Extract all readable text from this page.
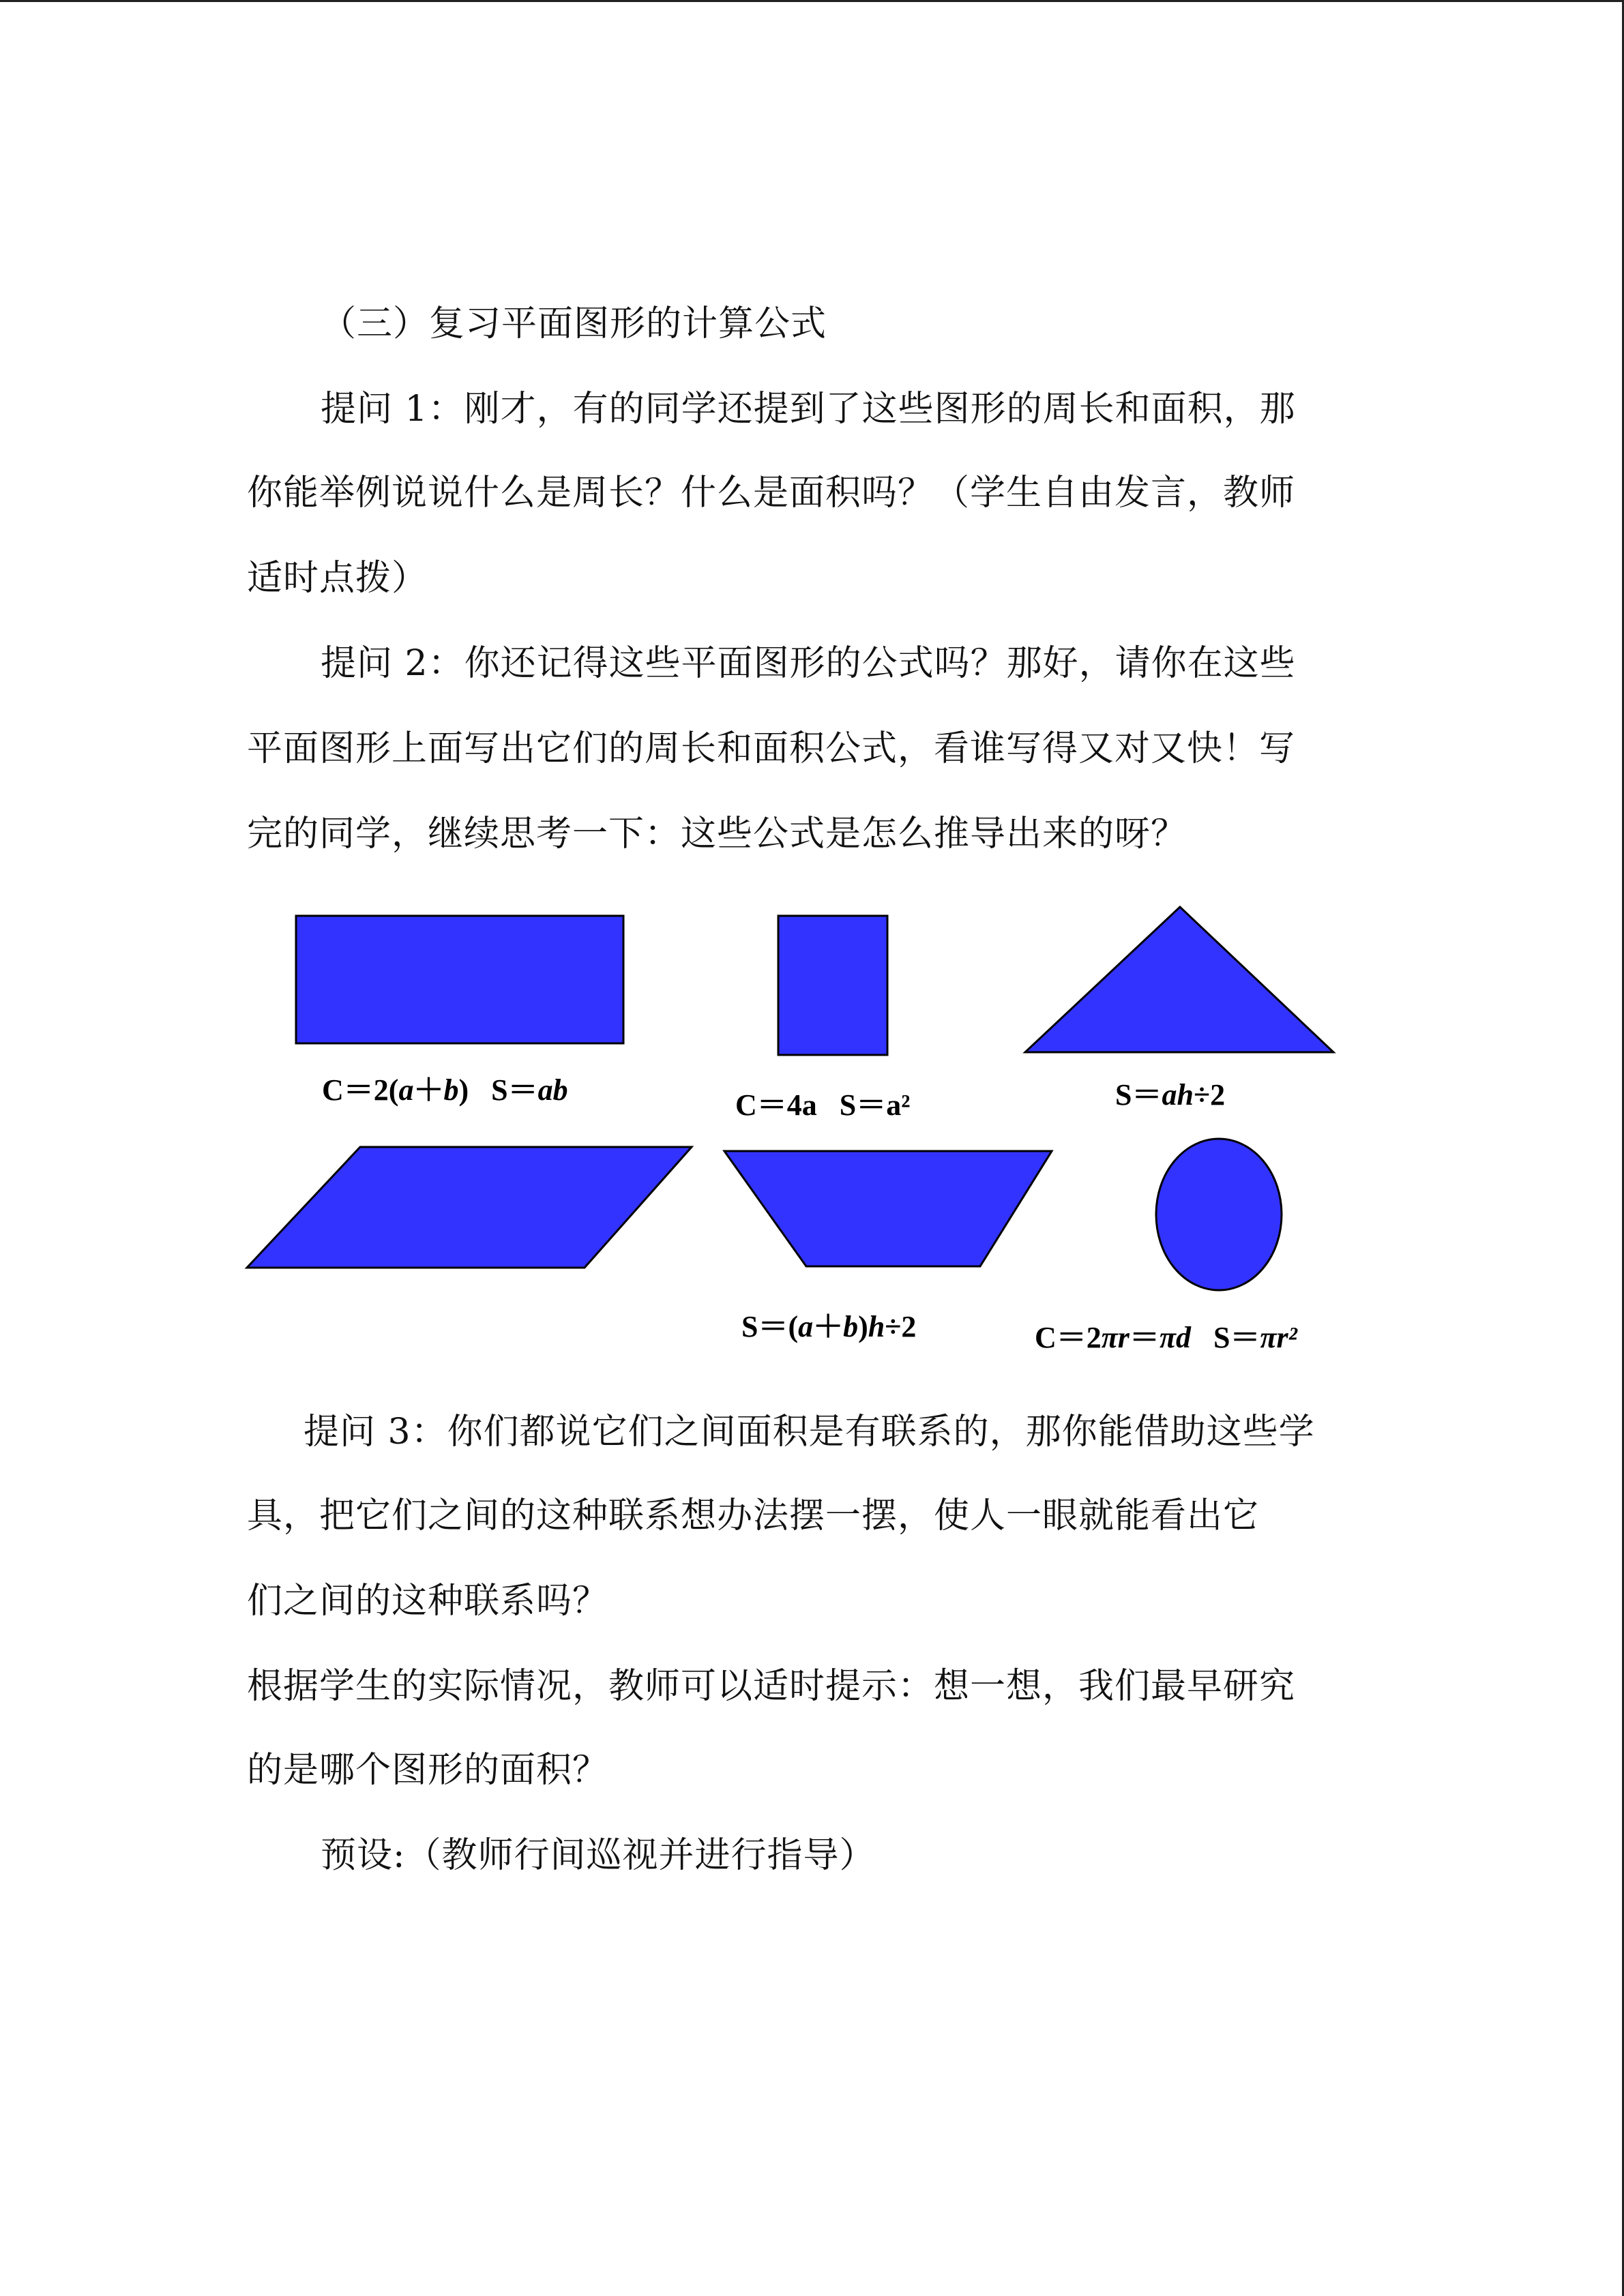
（三）复习平面图形的计算公式
提问 1：刚才，有的同学还提到了这些图形的周长和面积，那
你能举例说说什么是周长？什么是面积吗？（学生自由发言，教师
适时点拨）
提问 2：你还记得这些平面图形的公式吗？那好，请你在这些
平面图形上面写出它们的周长和面积公式，看谁写得又对又快！写
完的同学，继续思考一下：这些公式是怎么推导出来的呀？
C＝2(a＋b) S＝ab	C＝4a S＝a²	S＝ah÷2
S＝(a＋b)h÷2	C＝2πr＝πd S＝πr²
提问 3：你们都说它们之间面积是有联系的，那你能借助这些学
具，把它们之间的这种联系想办法摆一摆，使人一眼就能看出它
们之间的这种联系吗？
根据学生的实际情况，教师可以适时提示：想一想，我们最早研究
的是哪个图形的面积？
预设:（教师行间巡视并进行指导）
